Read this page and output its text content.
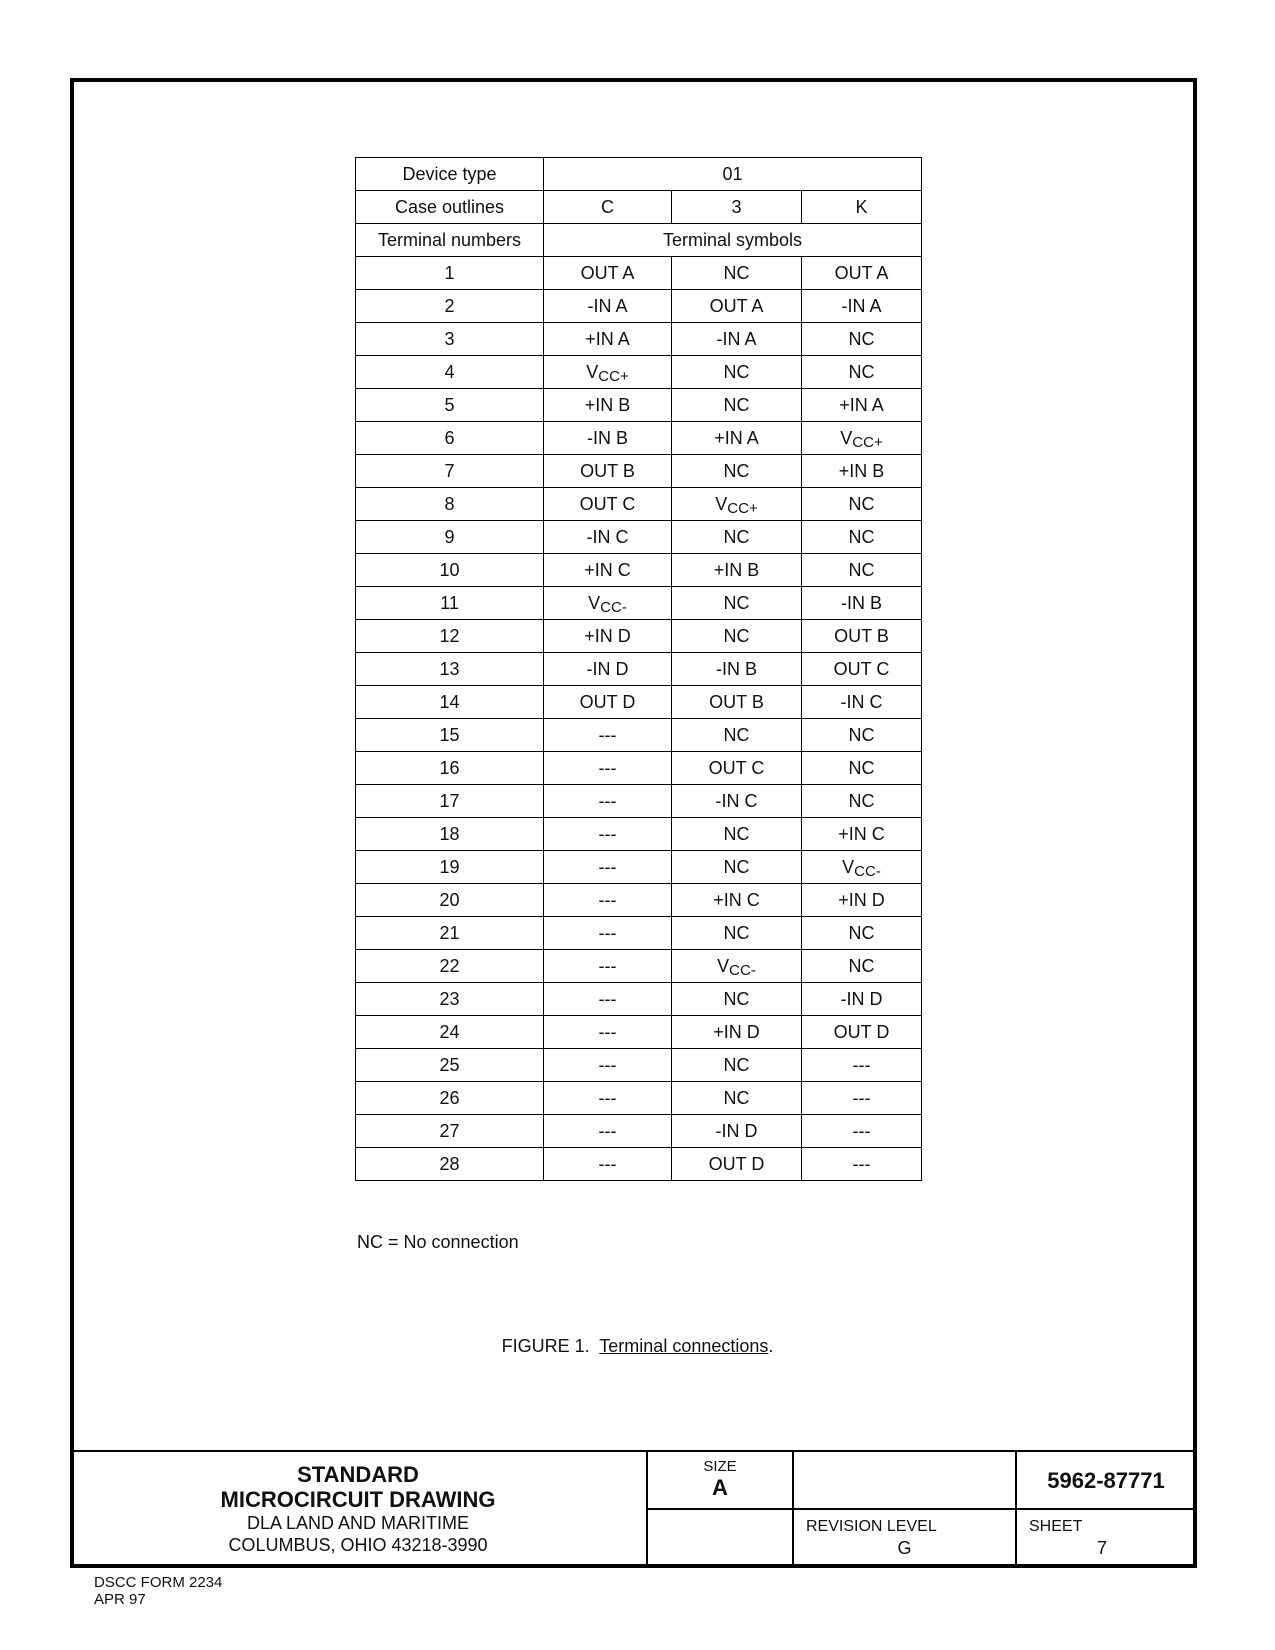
Device type	01		
Case outlines	C	3	K
Terminal numbers	Terminal symbols		
1	OUT A	NC	OUT A
2	-IN A	OUT A	-IN A
3	+IN A	-IN A	NC
4	VCC+	NC	NC
5	+IN B	NC	+IN A
6	-IN B	+IN A	VCC+
7	OUT B	NC	+IN B
8	OUT C	VCC+	NC
9	-IN C	NC	NC
10	+IN C	+IN B	NC
11	VCC-	NC	-IN B
12	+IN D	NC	OUT B
13	-IN D	-IN B	OUT C
14	OUT D	OUT B	-IN C
15	---	NC	NC
16	---	OUT C	NC
17	---	-IN C	NC
18	---	NC	+IN C
19	---	NC	VCC-
20	---	+IN C	+IN D
21	---	NC	NC
22	---	VCC-	NC
23	---	NC	-IN D
24	---	+IN D	OUT D
25	---	NC	---
26	---	NC	---
27	---	-IN D	---
28	---	OUT D	---
NC = No connection
FIGURE 1. Terminal connections.
STANDARD
MICROCIRCUIT DRAWING
DLA LAND AND MARITIME
COLUMBUS, OHIO 43218-3990
SIZE
A	5962-87771
REVISION LEVEL
G
SHEET
7
DSCC FORM 2234
APR 97
